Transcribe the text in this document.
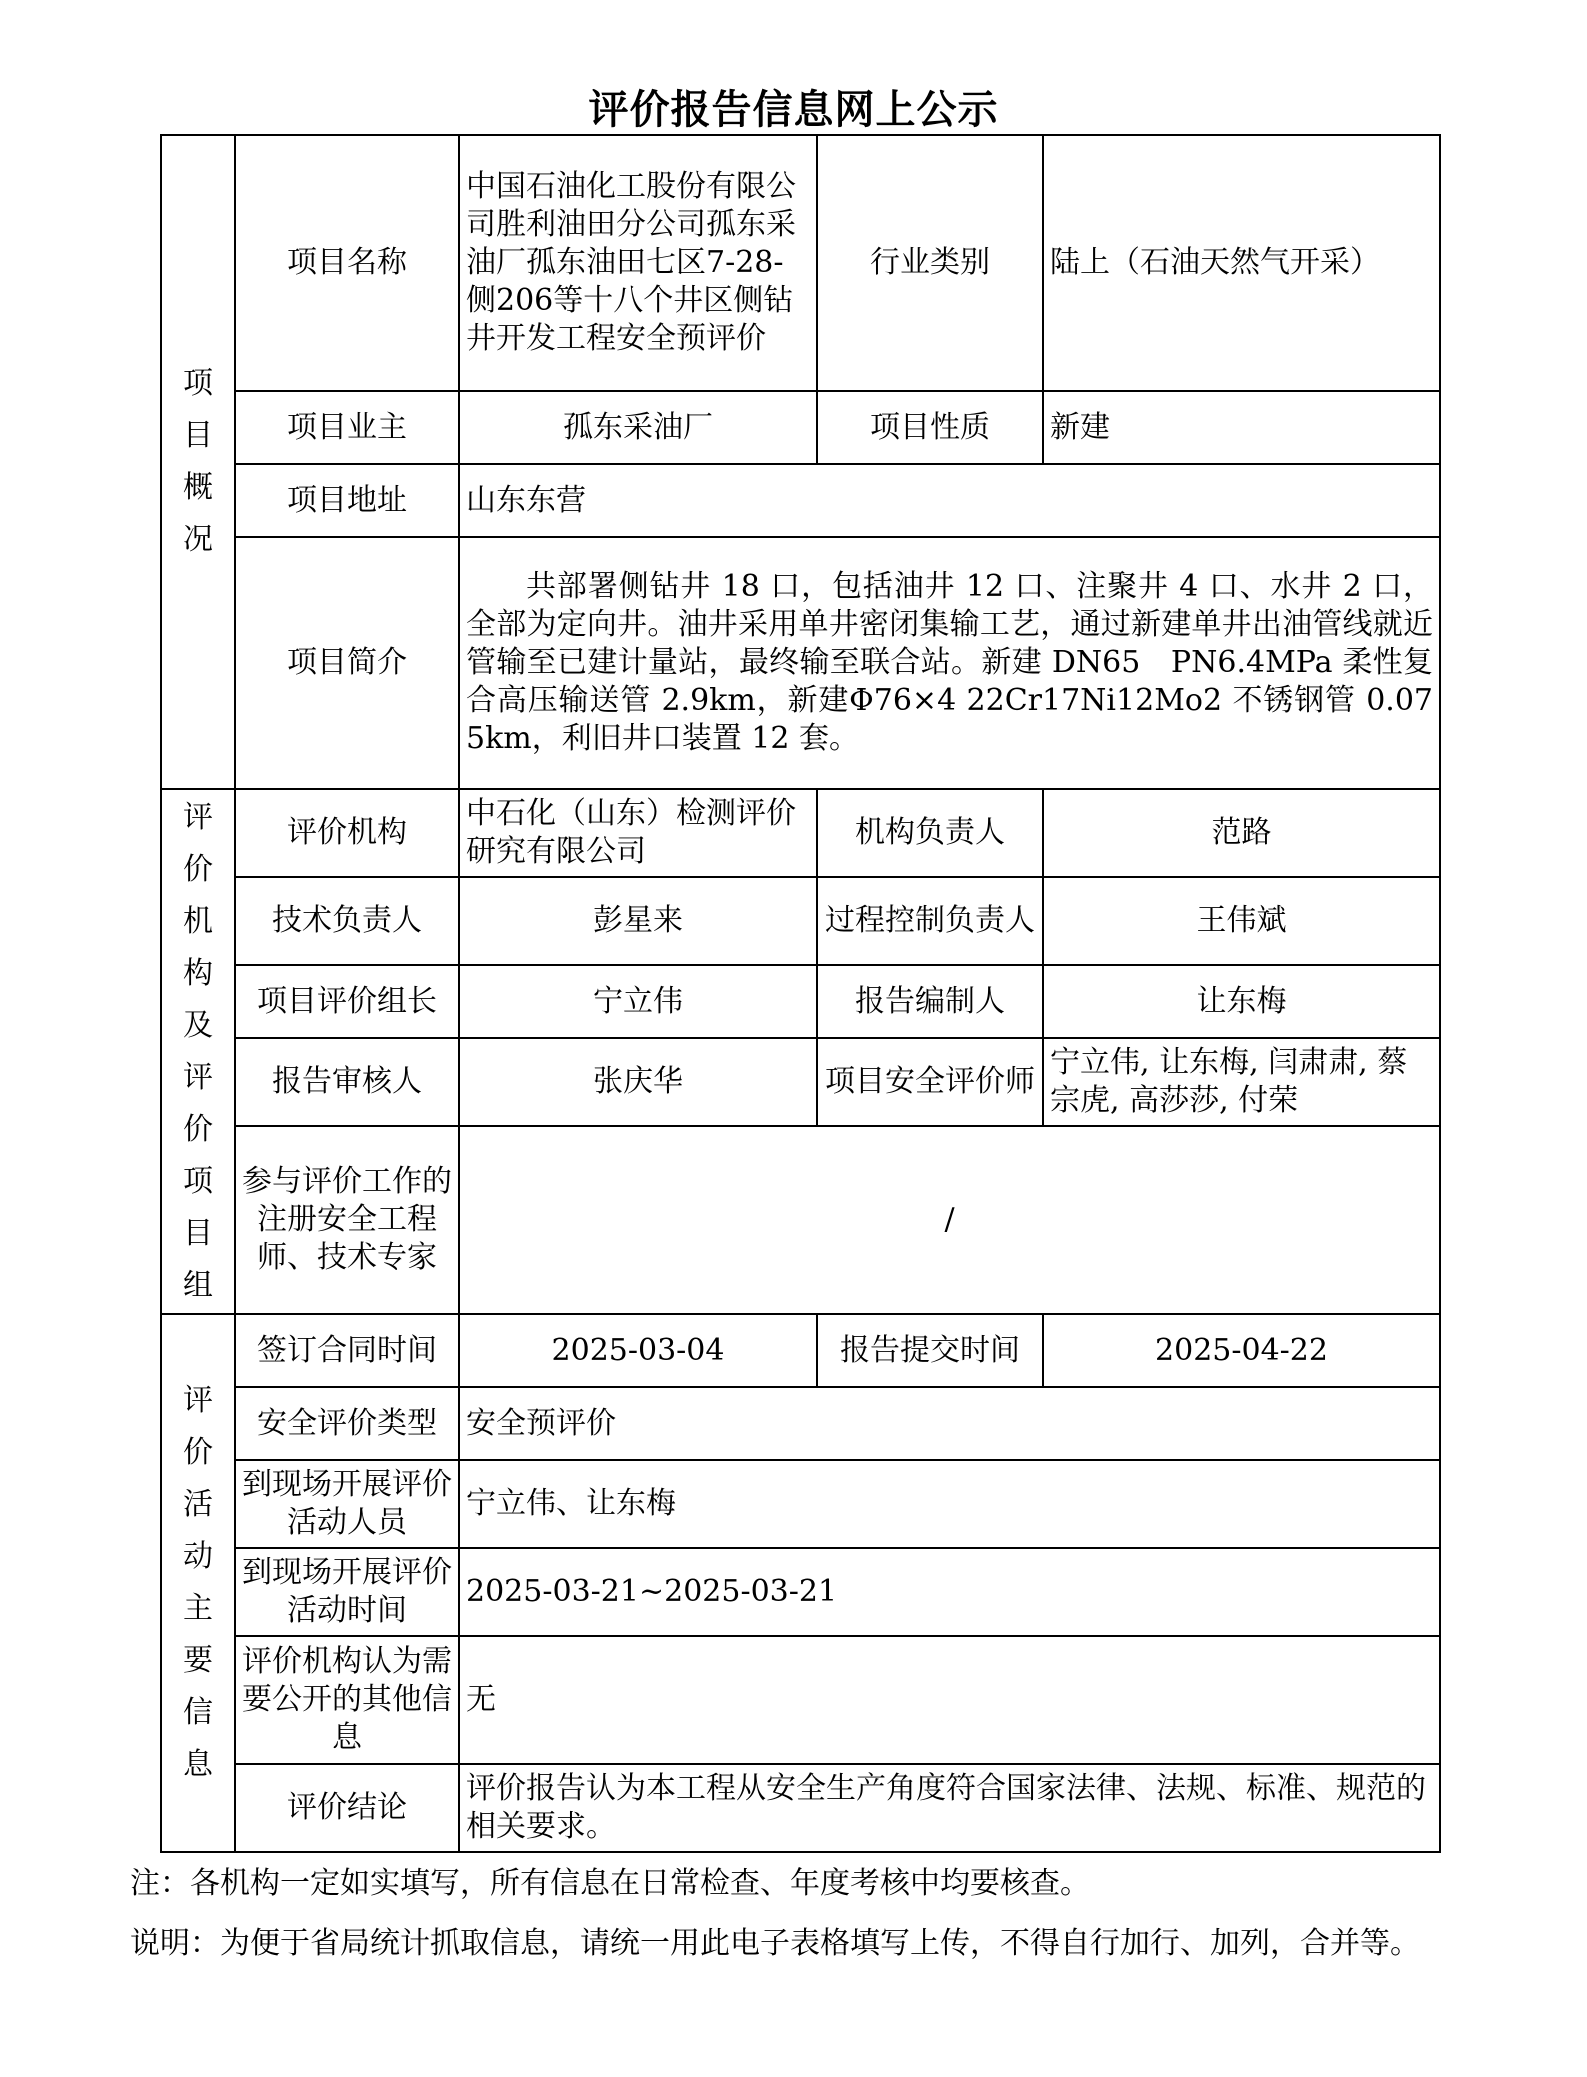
评价报告信息网上公示
项目概况	项目名称	中国石油化工股份有限公司胜利油田分公司孤东采油厂孤东油田七区7-28-侧206等十八个井区侧钻井开发工程安全预评价	行业类别	陆上（石油天然气开采）
	项目业主	孤东采油厂	项目性质	新建
	项目地址	山东东营		
	项目简介	共部署侧钻井 18 口，包括油井 12 口、注聚井 4 口、水井 2 口，全部为定向井。油井采用单井密闭集输工艺，通过新建单井出油管线就近管输至已建计量站，最终输至联合站。新建 DN65　PN6.4MPa 柔性复合高压输送管 2.9km，新建Φ76×4 22Cr17Ni12Mo2 不锈钢管 0.075km，利旧井口装置 12 套。		

评价机构及评价项目组	评价机构	中石化（山东）检测评价研究有限公司	机构负责人	范路
	技术负责人	彭星来	过程控制负责人	王伟斌
	项目评价组长	宁立伟	报告编制人	让东梅
	报告审核人	张庆华	项目安全评价师	宁立伟, 让东梅, 闫肃肃, 蔡宗虎, 高莎莎, 付荣
	参与评价工作的注册安全工程师、技术专家	/		

评价活动主要信息	签订合同时间	2025-03-04	报告提交时间	2025-04-22
	安全评价类型	安全预评价		
	到现场开展评价活动人员	宁立伟、让东梅		
	到现场开展评价活动时间	2025-03-21~2025-03-21		
	评价机构认为需要公开的其他信息	无		
	评价结论	评价报告认为本工程从安全生产角度符合国家法律、法规、标准、规范的相关要求。		
注：各机构一定如实填写，所有信息在日常检查、年度考核中均要核查。
说明：为便于省局统计抓取信息，请统一用此电子表格填写上传，不得自行加行、加列，合并等。
